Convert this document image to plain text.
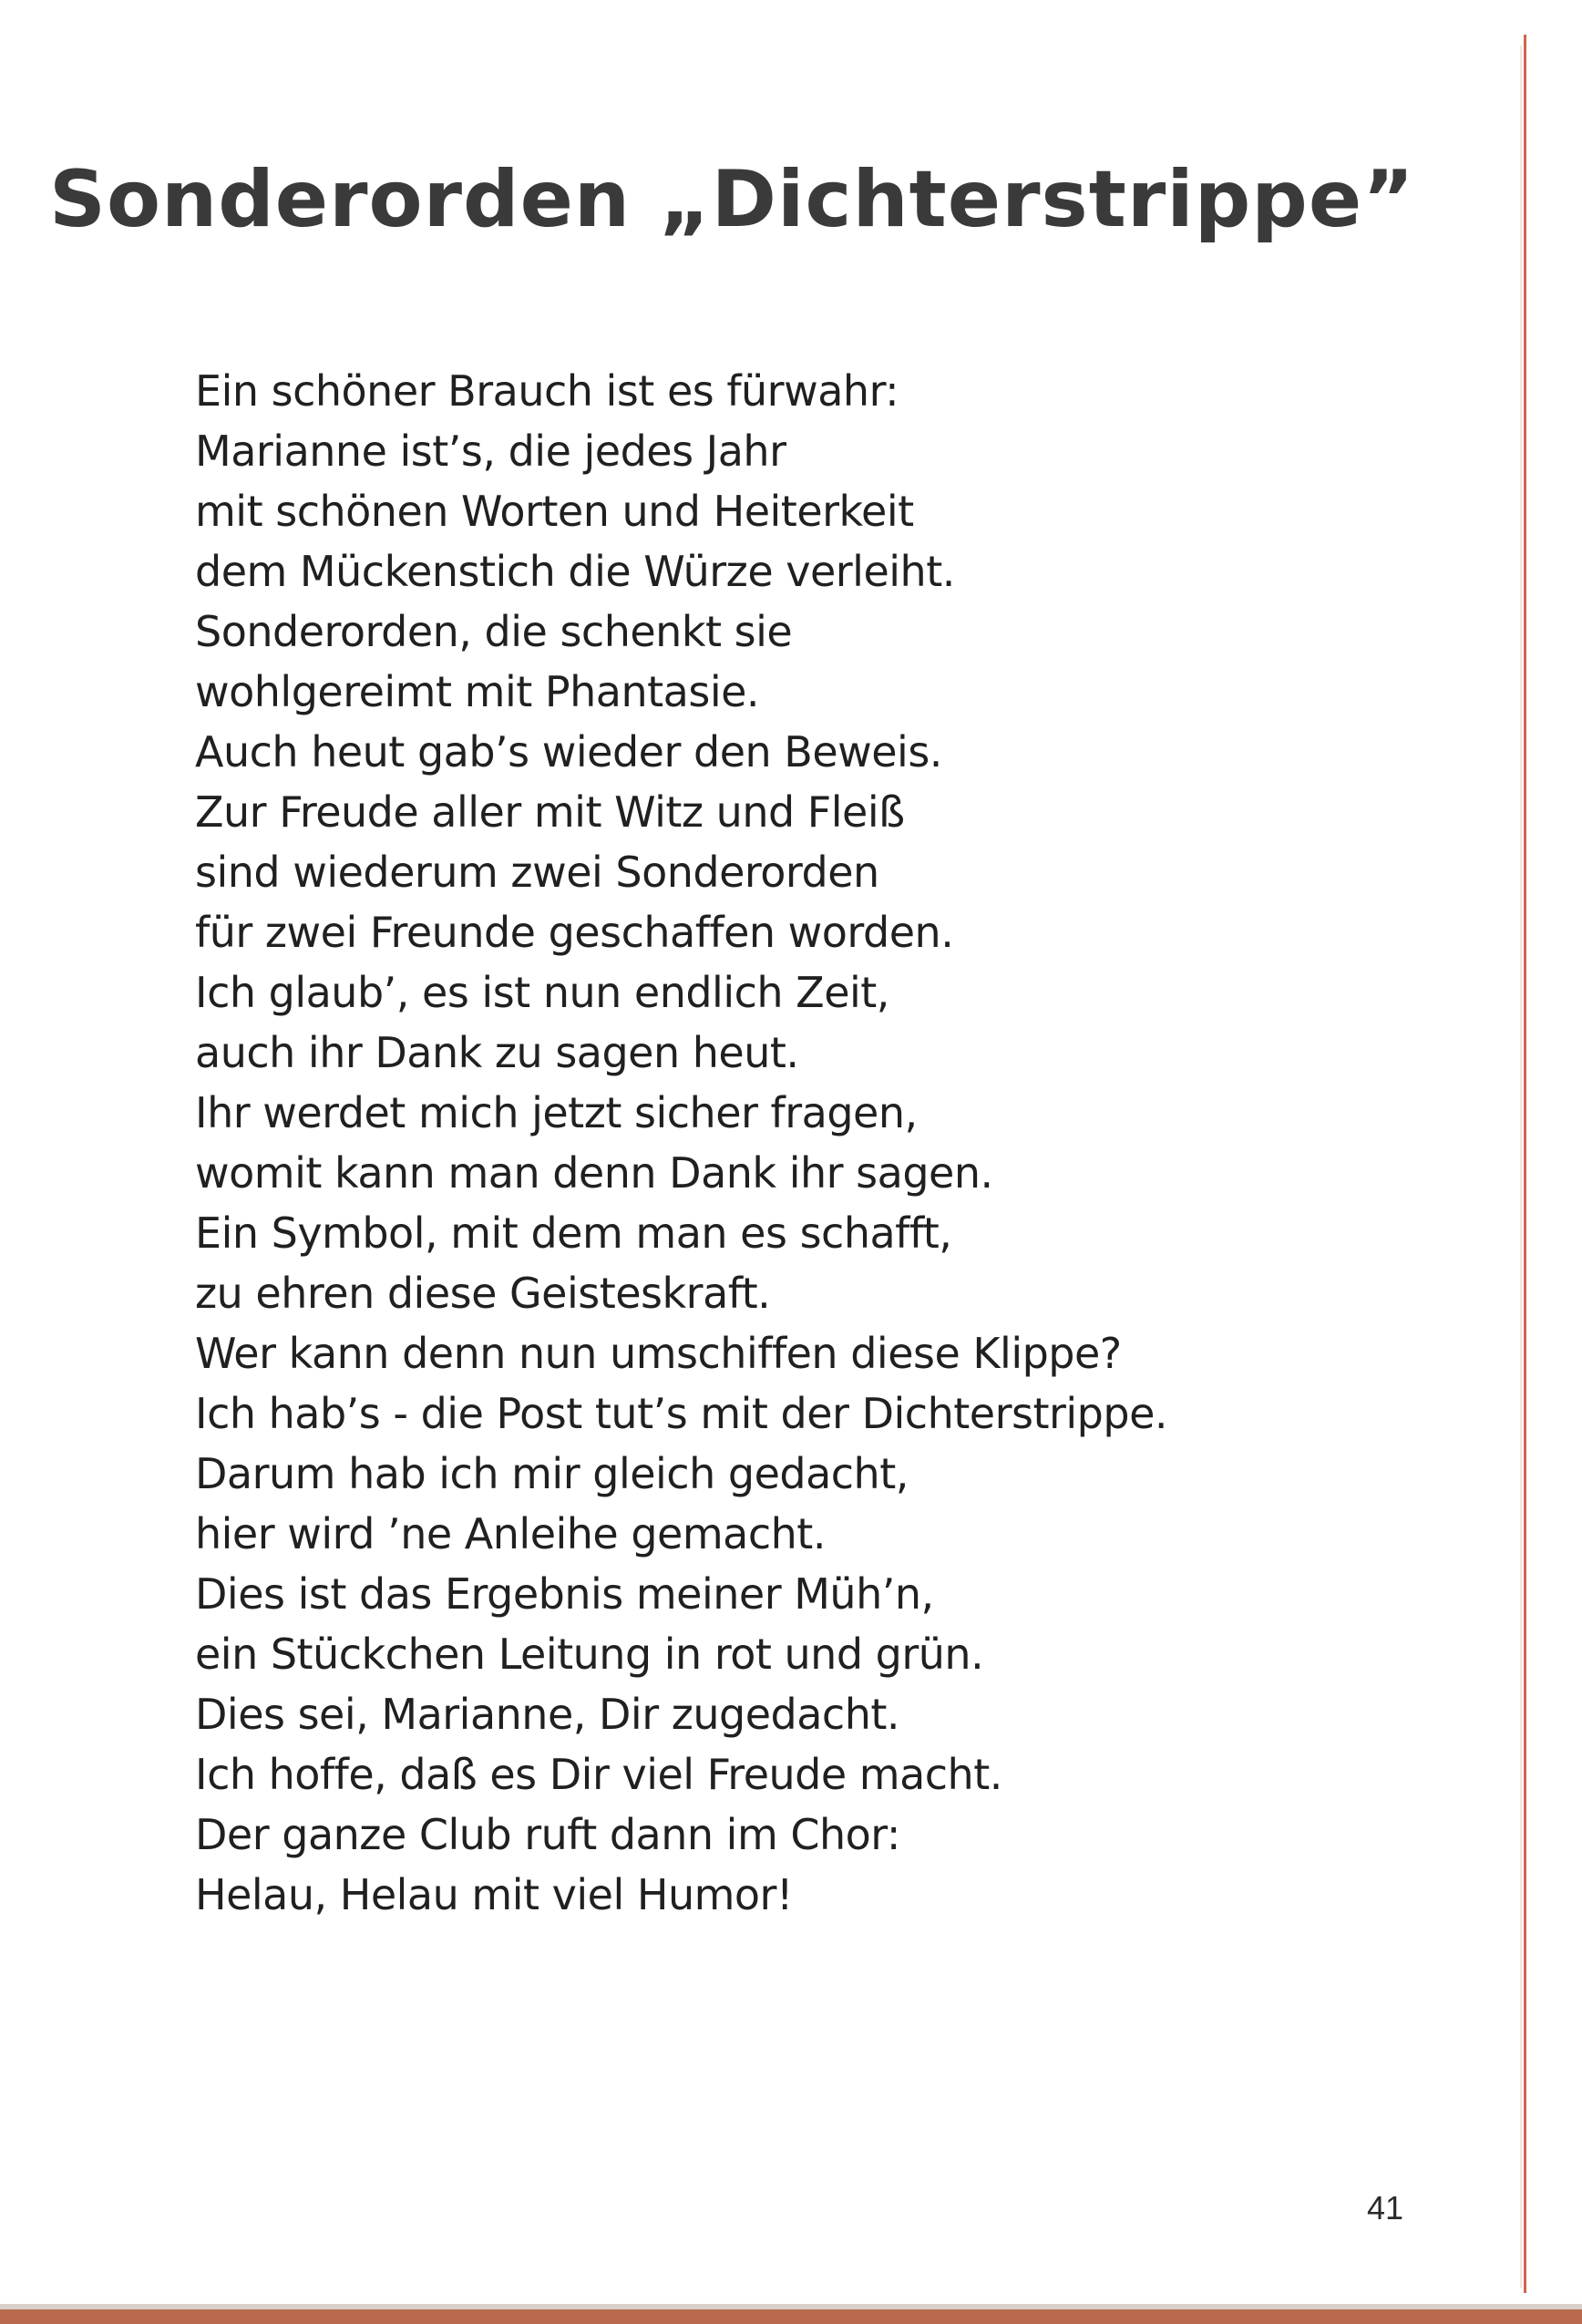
Sonderorden „Dichterstrippe”
Ein schöner Brauch ist es fürwahr:
Marianne ist’s, die jedes Jahr
mit schönen Worten und Heiterkeit
dem Mückenstich die Würze verleiht.
Sonderorden, die schenkt sie
wohlgereimt mit Phantasie.
Auch heut gab’s wieder den Beweis.
Zur Freude aller mit Witz und Fleiß
sind wiederum zwei Sonderorden
für zwei Freunde geschaffen worden.
Ich glaub’, es ist nun endlich Zeit,
auch ihr Dank zu sagen heut.
Ihr werdet mich jetzt sicher fragen,
womit kann man denn Dank ihr sagen.
Ein Symbol, mit dem man es schafft,
zu ehren diese Geisteskraft.
Wer kann denn nun umschiffen diese Klippe?
Ich hab’s - die Post tut’s mit der Dichterstrippe.
Darum hab ich mir gleich gedacht,
hier wird ’ne Anleihe gemacht.
Dies ist das Ergebnis meiner Müh’n,
ein Stückchen Leitung in rot und grün.
Dies sei, Marianne, Dir zugedacht.
Ich hoffe, daß es Dir viel Freude macht.
Der ganze Club ruft dann im Chor:
Helau, Helau mit viel Humor!
41
